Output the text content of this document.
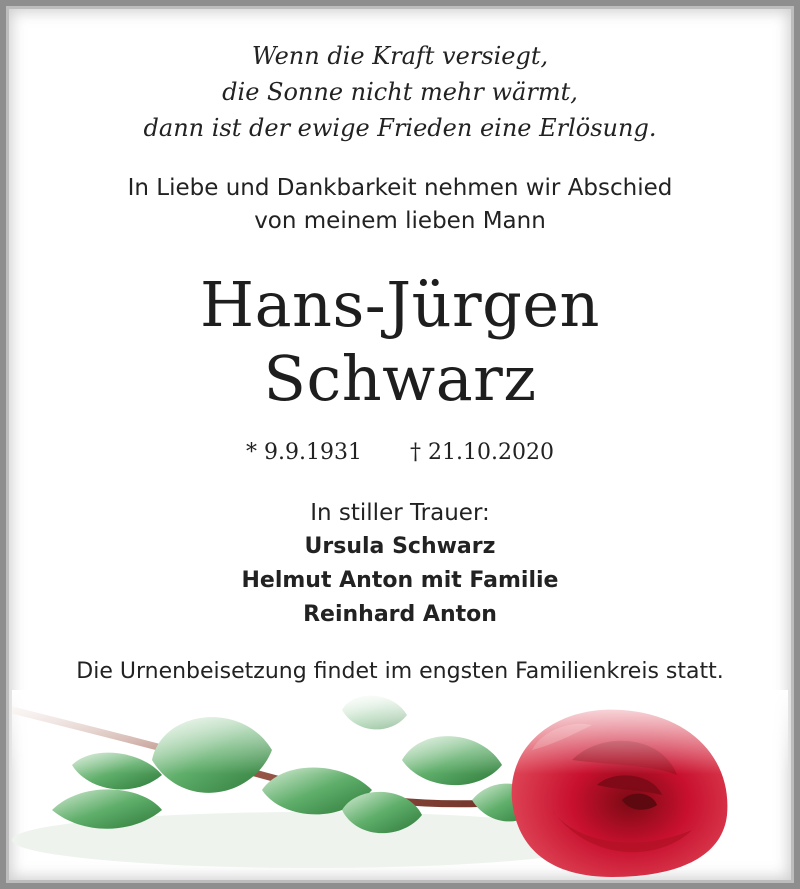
Wenn die Kraft versiegt,
die Sonne nicht mehr wärmt,
dann ist der ewige Frieden eine Erlösung.
In Liebe und Dankbarkeit nehmen wir Abschied
von meinem lieben Mann
Hans-Jürgen
Schwarz
* 9.9.1931 † 21.10.2020
In stiller Trauer:
Ursula Schwarz
Helmut Anton mit Familie
Reinhard Anton
Die Urnenbeisetzung findet im engsten Familienkreis statt.
